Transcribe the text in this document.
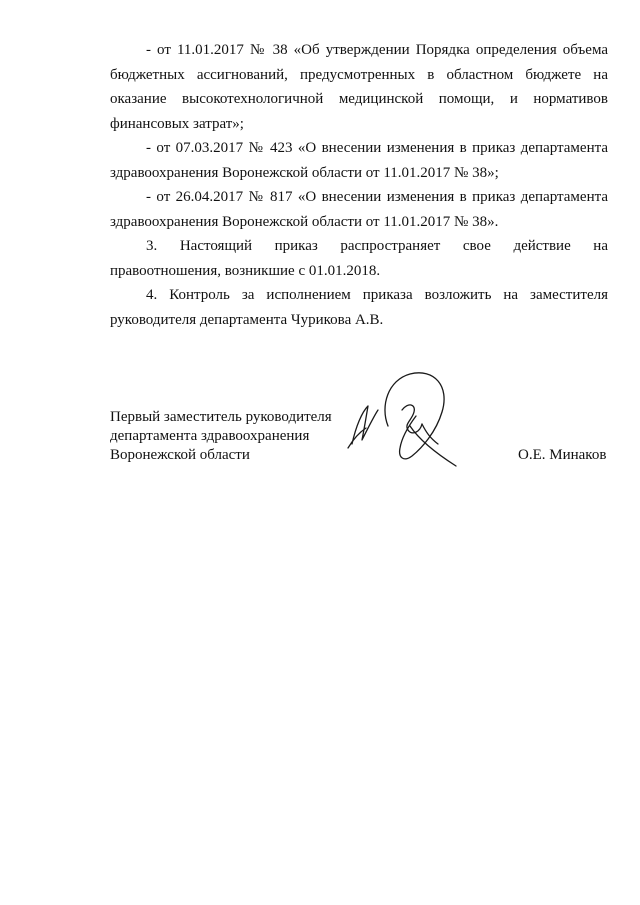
- от 11.01.2017 № 38 «Об утверждении Порядка определения объема бюджетных ассигнований, предусмотренных в областном бюджете на оказание высокотехнологичной медицинской помощи, и нормативов финансовых затрат»;

- от 07.03.2017 № 423 «О внесении изменения в приказ департамента здравоохранения Воронежской области от 11.01.2017 № 38»;

- от 26.04.2017 № 817 «О внесении изменения в приказ департамента здравоохранения Воронежской области от 11.01.2017 № 38».

3. Настоящий приказ распространяет свое действие на правоотношения, возникшие с 01.01.2018.

4. Контроль за исполнением приказа возложить на заместителя руководителя департамента Чурикова А.В.

Первый заместитель руководителя
департамента здравоохранения
Воронежской области	О.Е. Минаков
